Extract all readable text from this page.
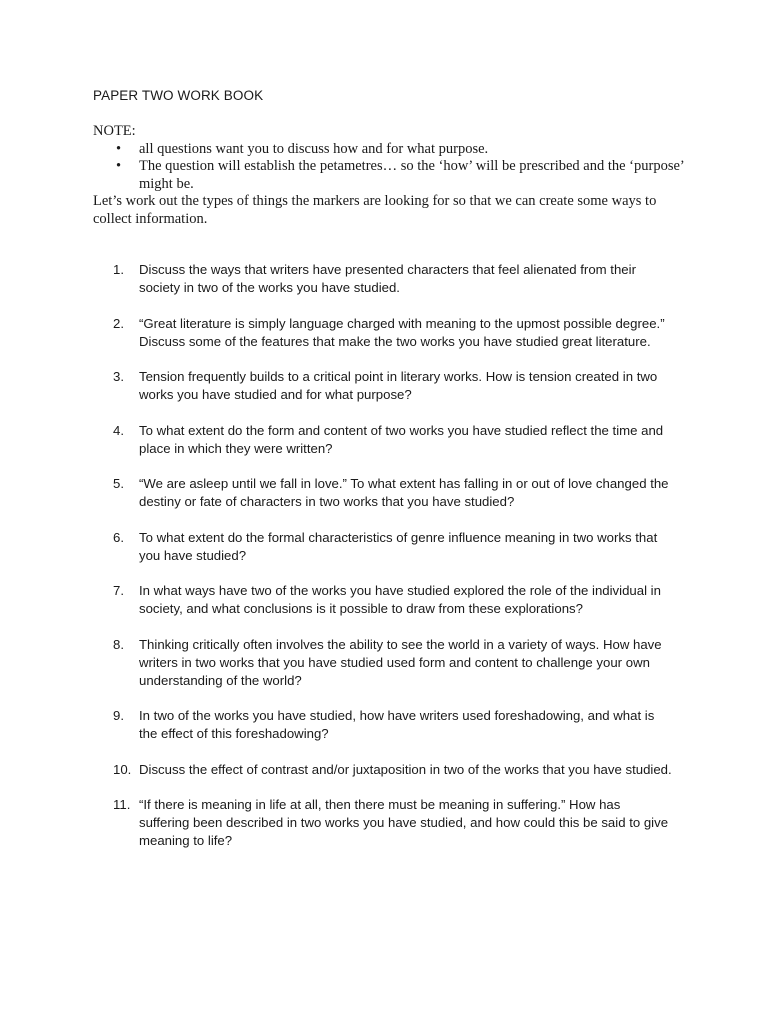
PAPER TWO WORK BOOK
NOTE:
• all questions want you to discuss how and for what purpose.
• The question will establish the petametres… so the ‘how’ will be prescribed and the ‘purpose’ might be.
Let’s work out the types of things the markers are looking for so that we can create some ways to collect information.
1. Discuss the ways that writers have presented characters that feel alienated from their society in two of the works you have studied.
2. “Great literature is simply language charged with meaning to the upmost possible degree.” Discuss some of the features that make the two works you have studied great literature.
3. Tension frequently builds to a critical point in literary works. How is tension created in two works you have studied and for what purpose?
4. To what extent do the form and content of two works you have studied reflect the time and place in which they were written?
5. “We are asleep until we fall in love.” To what extent has falling in or out of love changed the destiny or fate of characters in two works that you have studied?
6. To what extent do the formal characteristics of genre influence meaning in two works that you have studied?
7. In what ways have two of the works you have studied explored the role of the individual in society, and what conclusions is it possible to draw from these explorations?
8. Thinking critically often involves the ability to see the world in a variety of ways. How have writers in two works that you have studied used form and content to challenge your own understanding of the world?
9. In two of the works you have studied, how have writers used foreshadowing, and what is the effect of this foreshadowing?
10. Discuss the effect of contrast and/or juxtaposition in two of the works that you have studied.
11. “If there is meaning in life at all, then there must be meaning in suffering.” How has suffering been described in two works you have studied, and how could this be said to give meaning to life?
